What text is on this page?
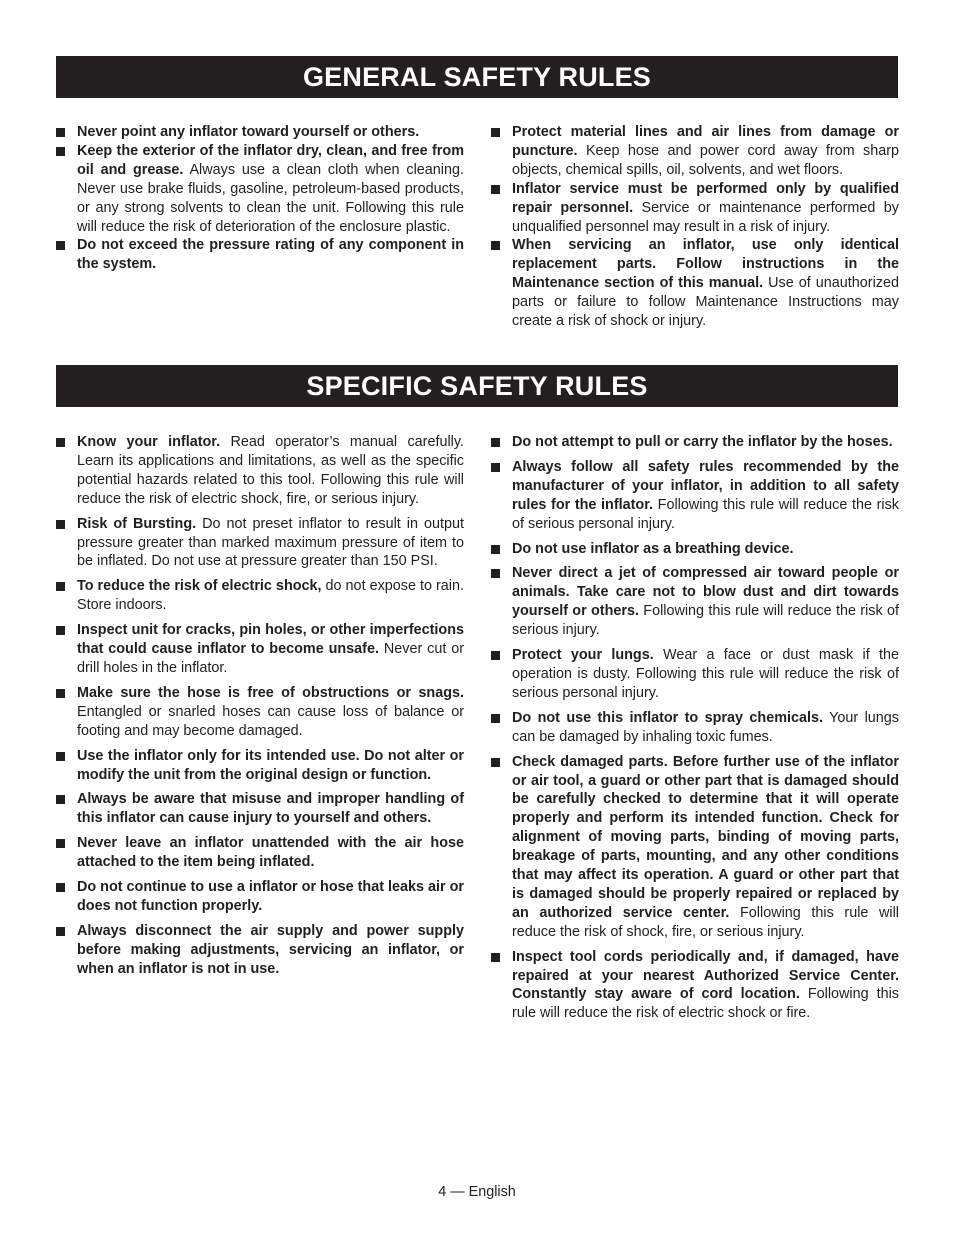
GENERAL SAFETY RULES
Never point any inflator toward yourself or others.
Keep the exterior of the inflator dry, clean, and free from oil and grease. Always use a clean cloth when cleaning. Never use brake fluids, gasoline, petroleum-based products, or any strong solvents to clean the unit. Following this rule will reduce the risk of deterioration of the enclosure plastic.
Do not exceed the pressure rating of any component in the system.
Protect material lines and air lines from damage or puncture. Keep hose and power cord away from sharp objects, chemical spills, oil, solvents, and wet floors.
Inflator service must be performed only by qualified repair personnel. Service or maintenance performed by unqualified personnel may result in a risk of injury.
When servicing an inflator, use only identical replacement parts. Follow instructions in the Maintenance section of this manual. Use of unauthorized parts or failure to follow Maintenance Instructions may create a risk of shock or injury.
SPECIFIC SAFETY RULES
Know your inflator. Read operator’s manual carefully. Learn its applications and limitations, as well as the specific potential hazards related to this tool. Following this rule will reduce the risk of electric shock, fire, or serious injury.
Risk of Bursting. Do not preset inflator to result in output pressure greater than marked maximum pressure of item to be inflated. Do not use at pressure greater than 150 PSI.
To reduce the risk of electric shock, do not expose to rain. Store indoors.
Inspect unit for cracks, pin holes, or other imperfections that could cause inflator to become unsafe. Never cut or drill holes in the inflator.
Make sure the hose is free of obstructions or snags. Entangled or snarled hoses can cause loss of balance or footing and may become damaged.
Use the inflator only for its intended use. Do not alter or modify the unit from the original design or function.
Always be aware that misuse and improper handling of this inflator can cause injury to yourself and others.
Never leave an inflator unattended with the air hose attached to the item being inflated.
Do not continue to use a inflator or hose that leaks air or does not function properly.
Always disconnect the air supply and power supply before making adjustments, servicing an inflator, or when an inflator is not in use.
Do not attempt to pull or carry the inflator by the hoses.
Always follow all safety rules recommended by the manufacturer of your inflator, in addition to all safety rules for the inflator. Following this rule will reduce the risk of serious personal injury.
Do not use inflator as a breathing device.
Never direct a jet of compressed air toward people or animals. Take care not to blow dust and dirt towards yourself or others. Following this rule will reduce the risk of serious injury.
Protect your lungs. Wear a face or dust mask if the operation is dusty. Following this rule will reduce the risk of serious personal injury.
Do not use this inflator to spray chemicals. Your lungs can be damaged by inhaling toxic fumes.
Check damaged parts. Before further use of the inflator or air tool, a guard or other part that is damaged should be carefully checked to determine that it will operate properly and perform its intended function. Check for alignment of moving parts, binding of moving parts, breakage of parts, mounting, and any other conditions that may affect its operation. A guard or other part that is damaged should be properly repaired or replaced by an authorized service center. Following this rule will reduce the risk of shock, fire, or serious injury.
Inspect tool cords periodically and, if damaged, have repaired at your nearest Authorized Service Center. Constantly stay aware of cord location. Following this rule will reduce the risk of electric shock or fire.
4 — English
